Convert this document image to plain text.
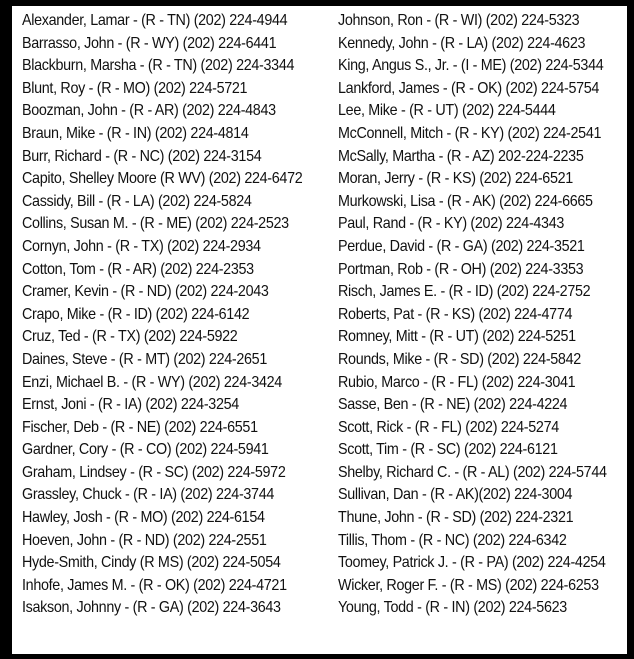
Alexander, Lamar - (R - TN) (202) 224-4944
Barrasso, John - (R - WY) (202) 224-6441
Blackburn, Marsha - (R - TN) (202) 224-3344
Blunt, Roy - (R - MO) (202) 224-5721
Boozman, John - (R - AR) (202) 224-4843
Braun, Mike - (R - IN) (202) 224-4814
Burr, Richard - (R - NC) (202) 224-3154
Capito, Shelley Moore (R WV) (202) 224-6472
Cassidy, Bill - (R - LA) (202) 224-5824
Collins, Susan M. - (R - ME) (202) 224-2523
Cornyn, John - (R - TX) (202) 224-2934
Cotton, Tom - (R - AR) (202) 224-2353
Cramer, Kevin - (R - ND) (202) 224-2043
Crapo, Mike - (R - ID) (202) 224-6142
Cruz, Ted - (R - TX) (202) 224-5922
Daines, Steve - (R - MT) (202) 224-2651
Enzi, Michael B. - (R - WY) (202) 224-3424
Ernst, Joni - (R - IA) (202) 224-3254
Fischer, Deb - (R - NE) (202) 224-6551
Gardner, Cory - (R - CO) (202) 224-5941
Graham, Lindsey - (R - SC) (202) 224-5972
Grassley, Chuck - (R - IA) (202) 224-3744
Hawley, Josh - (R - MO) (202) 224-6154
Hoeven, John - (R - ND) (202) 224-2551
Hyde-Smith, Cindy (R MS) (202) 224-5054
Inhofe, James M. - (R - OK) (202) 224-4721
Isakson, Johnny - (R - GA) (202) 224-3643
Johnson, Ron - (R - WI) (202) 224-5323
Kennedy, John - (R - LA) (202) 224-4623
King, Angus S., Jr. - (I - ME) (202) 224-5344
Lankford, James - (R - OK) (202) 224-5754
Lee, Mike - (R - UT) (202) 224-5444
McConnell, Mitch - (R - KY) (202) 224-2541
McSally, Martha - (R - AZ) 202-224-2235
Moran, Jerry - (R - KS) (202) 224-6521
Murkowski, Lisa - (R - AK) (202) 224-6665
Paul, Rand - (R - KY) (202) 224-4343
Perdue, David - (R - GA) (202) 224-3521
Portman, Rob - (R - OH) (202) 224-3353
Risch, James E. - (R - ID) (202) 224-2752
Roberts, Pat - (R - KS) (202) 224-4774
Romney, Mitt - (R - UT) (202) 224-5251
Rounds, Mike - (R - SD) (202) 224-5842
Rubio, Marco - (R - FL) (202) 224-3041
Sasse, Ben - (R - NE) (202) 224-4224
Scott, Rick - (R - FL) (202) 224-5274
Scott, Tim - (R - SC) (202) 224-6121
Shelby, Richard C. - (R - AL) (202) 224-5744
Sullivan, Dan - (R - AK)(202) 224-3004
Thune, John - (R - SD) (202) 224-2321
Tillis, Thom - (R - NC) (202) 224-6342
Toomey, Patrick J. - (R - PA) (202) 224-4254
Wicker, Roger F. - (R - MS) (202) 224-6253
Young, Todd - (R - IN) (202) 224-5623
